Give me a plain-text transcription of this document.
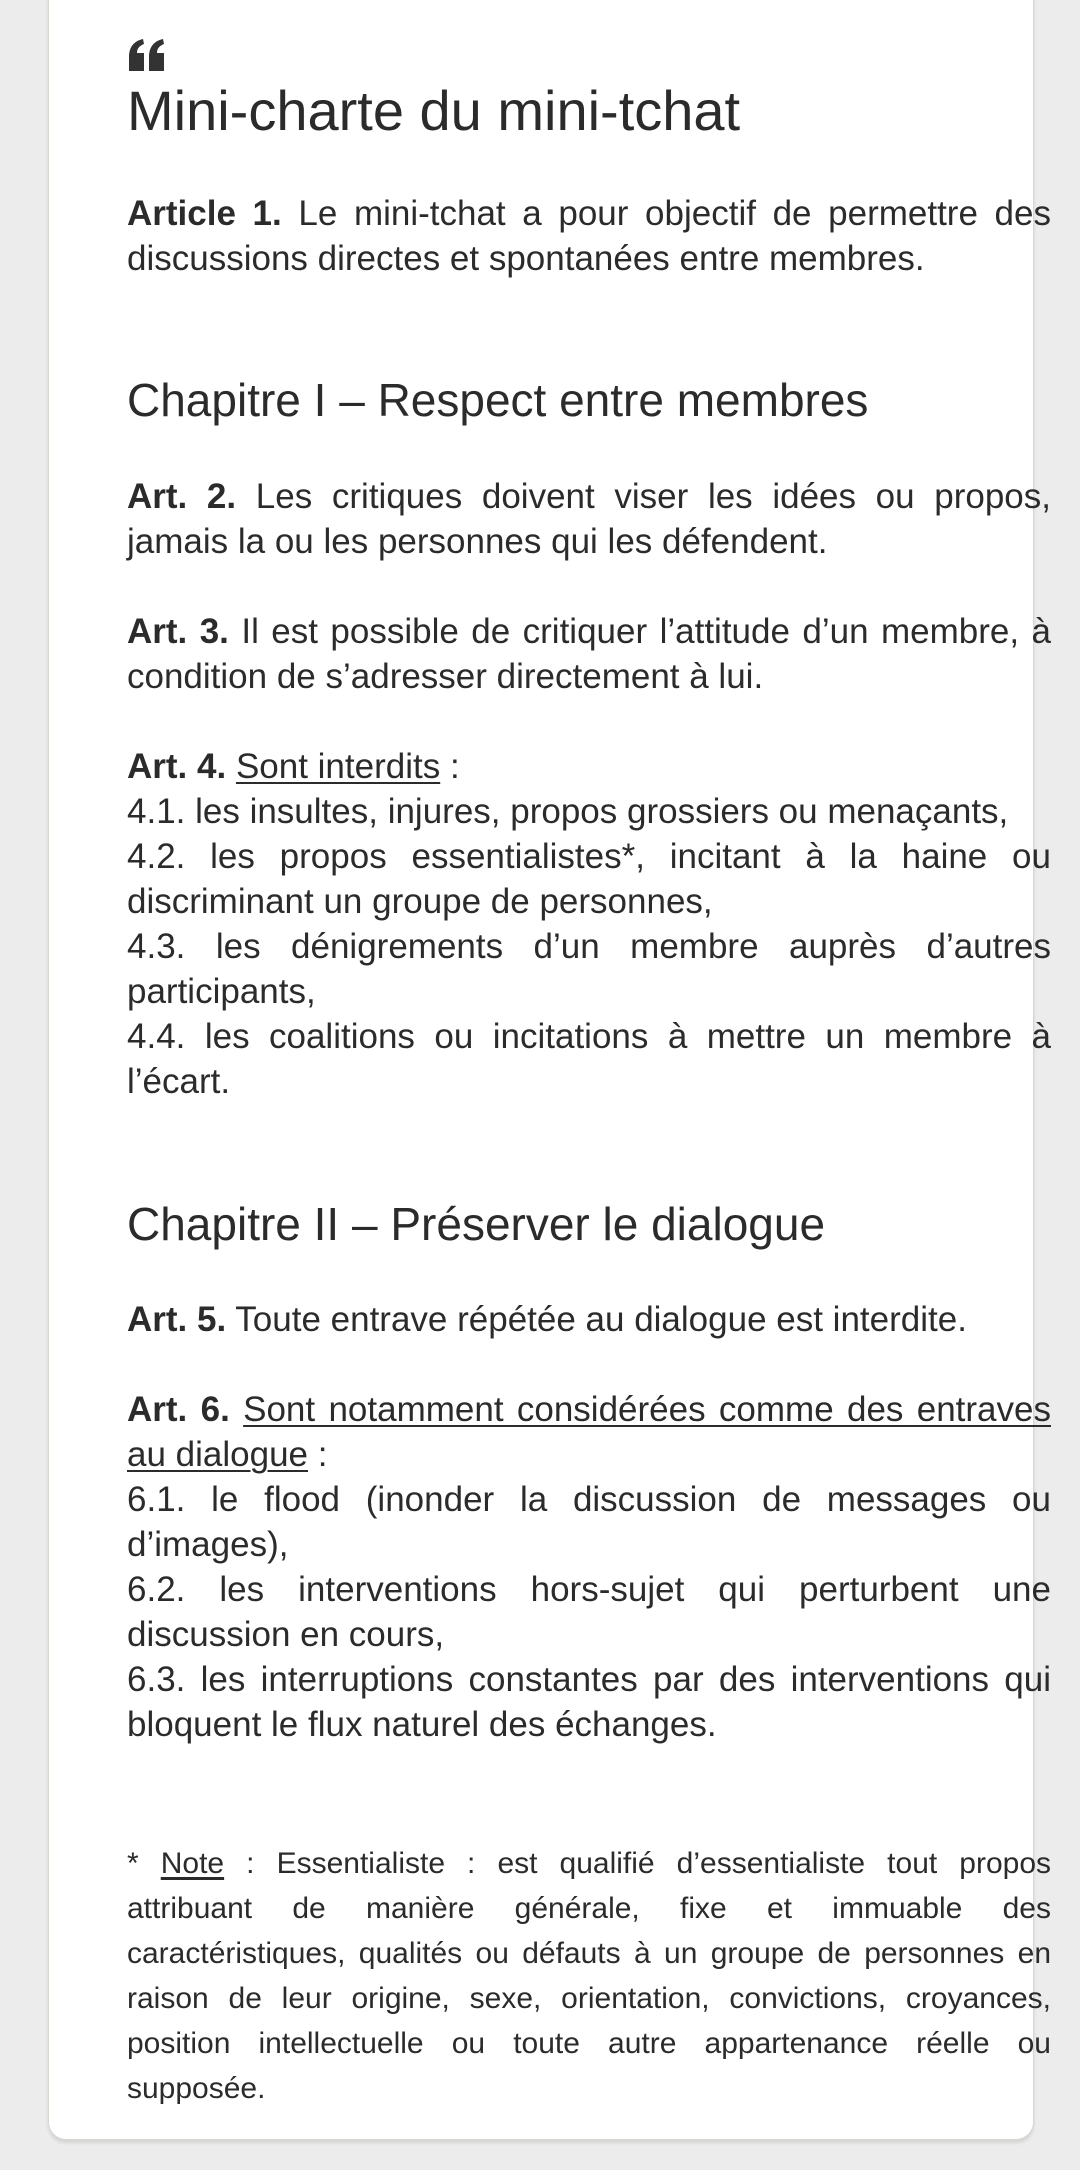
Mini-charte du mini-tchat

Article 1. Le mini-tchat a pour objectif de permettre des discussions directes et spontanées entre membres.

Chapitre I – Respect entre membres

Art. 2. Les critiques doivent viser les idées ou propos, jamais la ou les personnes qui les défendent.

Art. 3. Il est possible de critiquer l’attitude d’un membre, à condition de s’adresser directement à lui.

Art. 4. Sont interdits :
4.1. les insultes, injures, propos grossiers ou menaçants,
4.2. les propos essentialistes*, incitant à la haine ou discriminant un groupe de personnes,
4.3. les dénigrements d’un membre auprès d’autres participants,
4.4. les coalitions ou incitations à mettre un membre à l’écart.
Chapitre II – Préserver le dialogue

Art. 5. Toute entrave répétée au dialogue est interdite.

Art. 6. Sont notamment considérées comme des entraves au dialogue :
6.1. le flood (inonder la discussion de messages ou d’images),
6.2. les interventions hors-sujet qui perturbent une discussion en cours,
6.3. les interruptions constantes par des interventions qui bloquent le flux naturel des échanges.

* Note : Essentialiste : est qualifié d’essentialiste tout propos attribuant de manière générale, fixe et immuable des caractéristiques, qualités ou défauts à un groupe de personnes en raison de leur origine, sexe, orientation, convictions, croyances, position intellectuelle ou toute autre appartenance réelle ou supposée.
